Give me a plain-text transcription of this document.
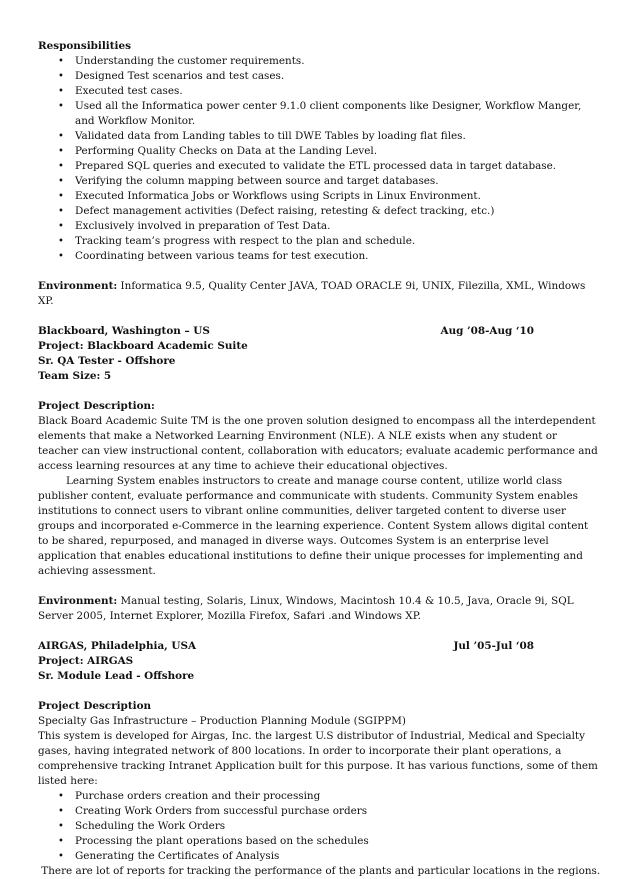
Responsibilities
• Understanding the customer requirements.
• Designed Test scenarios and test cases.
• Executed test cases.
• Used all the Informatica power center 9.1.0 client components like Designer, Workflow Manger, and Workflow Monitor.
• Validated data from Landing tables to till DWE Tables by loading flat files.
• Performing Quality Checks on Data at the Landing Level.
• Prepared SQL queries and executed to validate the ETL processed data in target database.
• Verifying the column mapping between source and target databases.
• Executed Informatica Jobs or Workflows using Scripts in Linux Environment.
• Defect management activities (Defect raising, retesting & defect tracking, etc.)
• Exclusively involved in preparation of Test Data.
• Tracking team’s progress with respect to the plan and schedule.
• Coordinating between various teams for test execution.
Environment: Informatica 9.5, Quality Center JAVA, TOAD ORACLE 9i, UNIX, Filezilla, XML, Windows XP.
Blackboard, Washington – US	Aug ’08-Aug ‘10
Project: Blackboard Academic Suite
Sr. QA Tester - Offshore
Team Size: 5
Project Description:
Black Board Academic Suite TM is the one proven solution designed to encompass all the interdependent elements that make a Networked Learning Environment (NLE). A NLE exists when any student or teacher can view instructional content, collaboration with educators; evaluate academic performance and access learning resources at any time to achieve their educational objectives.
Learning System enables instructors to create and manage course content, utilize world class publisher content, evaluate performance and communicate with students. Community System enables institutions to connect users to vibrant online communities, deliver targeted content to diverse user groups and incorporated e-Commerce in the learning experience. Content System allows digital content to be shared, repurposed, and managed in diverse ways. Outcomes System is an enterprise level application that enables educational institutions to define their unique processes for implementing and achieving assessment.
Environment: Manual testing, Solaris, Linux, Windows, Macintosh 10.4 & 10.5, Java, Oracle 9i, SQL Server 2005, Internet Explorer, Mozilla Firefox, Safari .and Windows XP.
AIRGAS, Philadelphia, USA	Jul ’05-Jul ‘08
Project: AIRGAS
Sr. Module Lead - Offshore
Project Description
Specialty Gas Infrastructure – Production Planning Module (SGIPPM)
This system is developed for Airgas, Inc. the largest U.S distributor of Industrial, Medical and Specialty gases, having integrated network of 800 locations. In order to incorporate their plant operations, a comprehensive tracking Intranet Application built for this purpose. It has various functions, some of them listed here:
• Purchase orders creation and their processing
• Creating Work Orders from successful purchase orders
• Scheduling the Work Orders
• Processing the plant operations based on the schedules
• Generating the Certificates of Analysis
There are lot of reports for tracking the performance of the plants and particular locations in the regions.
